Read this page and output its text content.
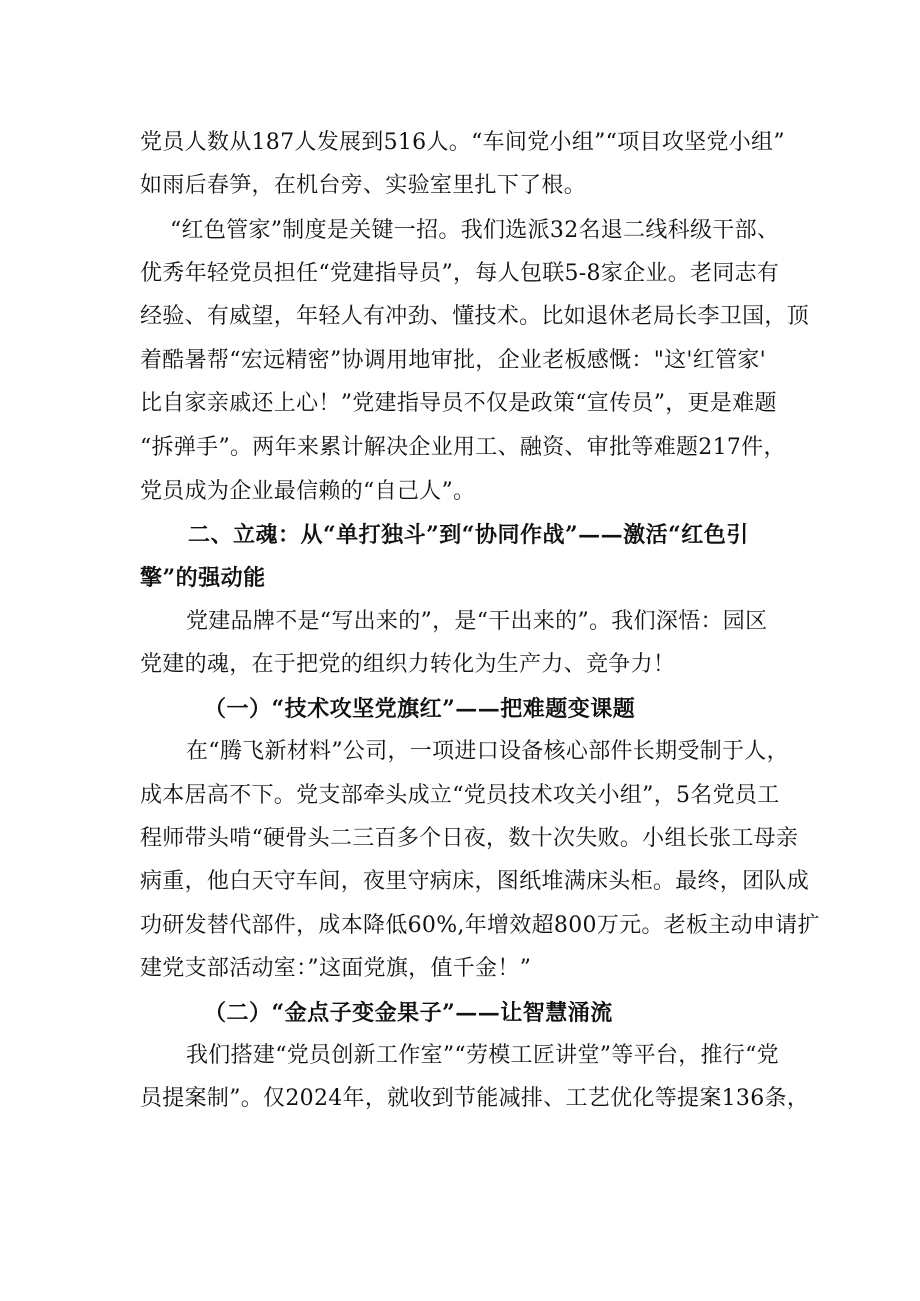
党员人数从187人发展到516人。“车间党小组”“项目攻坚党小组”
如雨后春笋，在机台旁、实验室里扎下了根。
“红色管家”制度是关键一招。我们选派32名退二线科级干部、
优秀年轻党员担任“党建指导员”，每人包联5-8家企业。老同志有
经验、有威望，年轻人有冲劲、懂技术。比如退休老局长李卫国，顶
着酷暑帮“宏远精密”协调用地审批，企业老板感慨："这'红管家'
比自家亲戚还上心！”党建指导员不仅是政策“宣传员”，更是难题
“拆弹手”。两年来累计解决企业用工、融资、审批等难题217件，
党员成为企业最信赖的“自己人”。
二、立魂：从“单打独斗”到“协同作战”——激活“红色引
擎”的强动能
党建品牌不是“写出来的”，是“干出来的”。我们深悟：园区
党建的魂，在于把党的组织力转化为生产力、竞争力！
（一）“技术攻坚党旗红”——把难题变课题
在“腾飞新材料”公司，一项进口设备核心部件长期受制于人，
成本居高不下。党支部牵头成立“党员技术攻关小组”，5名党员工
程师带头啃“硬骨头二三百多个日夜，数十次失败。小组长张工母亲
病重，他白天守车间，夜里守病床，图纸堆满床头柜。最终，团队成
功研发替代部件，成本降低60%,年增效超800万元。老板主动申请扩
建党支部活动室：”这面党旗，值千金！”
（二）“金点子变金果子”——让智慧涌流
我们搭建“党员创新工作室”“劳模工匠讲堂”等平台，推行“党
员提案制”。仅2024年，就收到节能减排、工艺优化等提案136条，
